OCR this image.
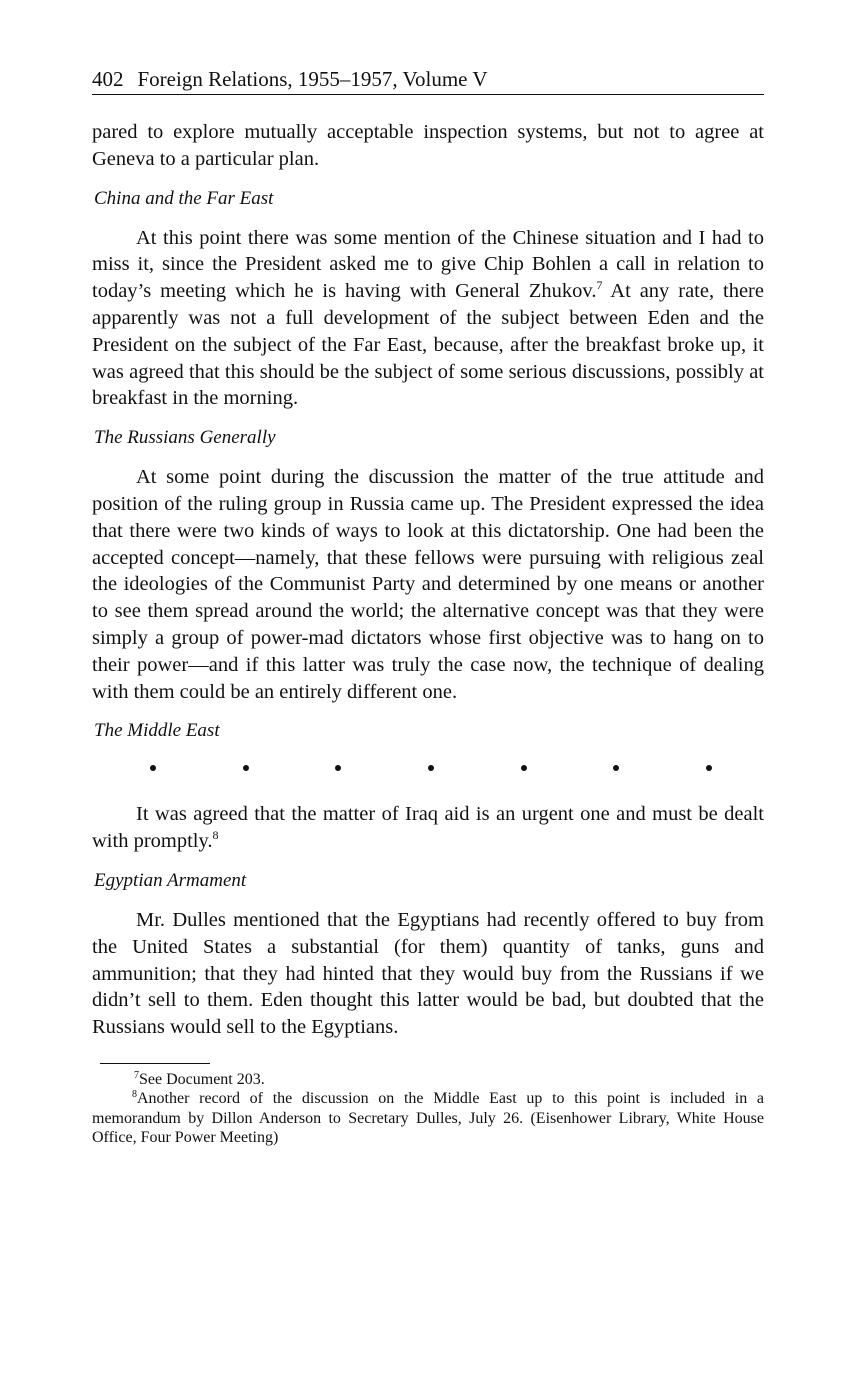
402 Foreign Relations, 1955–1957, Volume V

pared to explore mutually acceptable inspection systems, but not to agree at Geneva to a particular plan.

China and the Far East

At this point there was some mention of the Chinese situation and I had to miss it, since the President asked me to give Chip Bohlen a call in relation to today’s meeting which he is having with General Zhukov.$^7$ At any rate, there apparently was not a full development of the subject between Eden and the President on the subject of the Far East, because, after the breakfast broke up, it was agreed that this should be the subject of some serious discussions, possibly at breakfast in the morning.

The Russians Generally

At some point during the discussion the matter of the true attitude and position of the ruling group in Russia came up. The President expressed the idea that there were two kinds of ways to look at this dictatorship. One had been the accepted concept—namely, that these fellows were pursuing with religious zeal the ideologies of the Communist Party and determined by one means or another to see them spread around the world; the alternative concept was that they were simply a group of power-mad dictators whose first objective was to hang on to their power—and if this latter was truly the case now, the technique of dealing with them could be an entirely different one.

The Middle East

It was agreed that the matter of Iraq aid is an urgent one and must be dealt with promptly.$^8$

Egyptian Armament

Mr. Dulles mentioned that the Egyptians had recently offered to buy from the United States a substantial (for them) quantity of tanks, guns and ammunition; that they had hinted that they would buy from the Russians if we didn’t sell to them. Eden thought this latter would be bad, but doubted that the Russians would sell to the Egyptians.

$^7$See Document 203.

$^8$Another record of the discussion on the Middle East up to this point is included in a memorandum by Dillon Anderson to Secretary Dulles, July 26. (Eisenhower Library, White House Office, Four Power Meeting)
